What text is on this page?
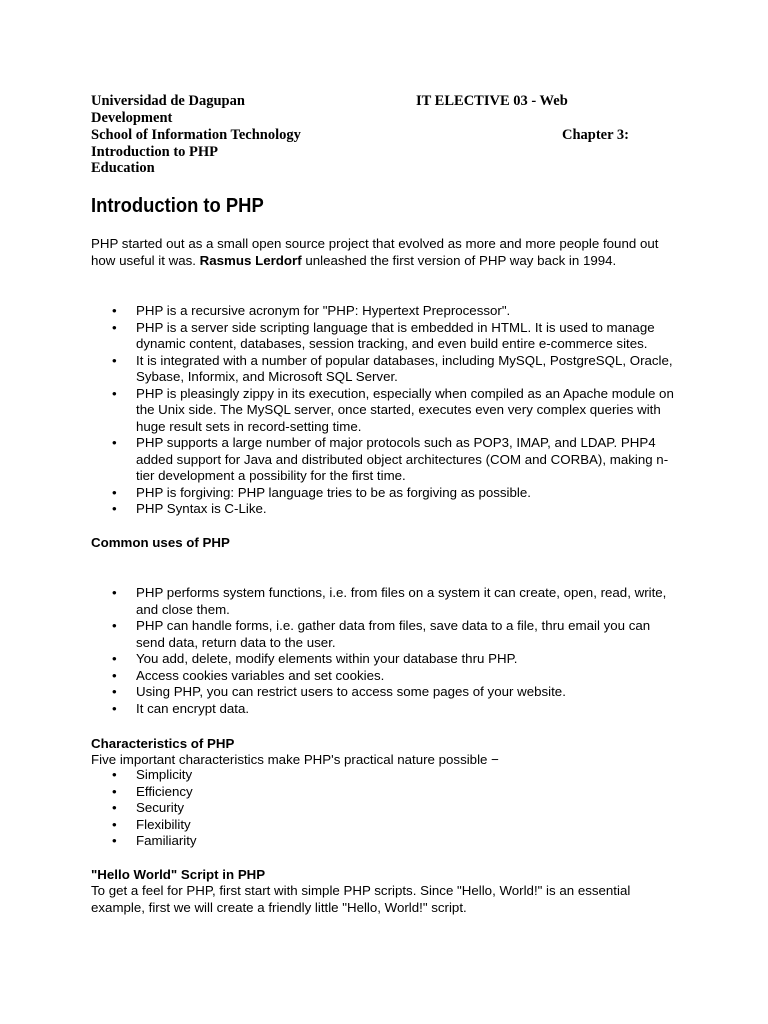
Universidad de Dagupan	IT ELECTIVE 03 - Web

Development

School of Information Technology	Chapter 3:

Introduction to PHP

Education

Introduction to PHP

PHP started out as a small open source project that evolved as more and more people found out how useful it was. Rasmus Lerdorf unleashed the first version of PHP way back in 1994.

• PHP is a recursive acronym for "PHP: Hypertext Preprocessor".
• PHP is a server side scripting language that is embedded in HTML. It is used to manage dynamic content, databases, session tracking, and even build entire e-commerce sites.
• It is integrated with a number of popular databases, including MySQL, PostgreSQL, Oracle, Sybase, Informix, and Microsoft SQL Server.
• PHP is pleasingly zippy in its execution, especially when compiled as an Apache module on the Unix side. The MySQL server, once started, executes even very complex queries with huge result sets in record-setting time.
• PHP supports a large number of major protocols such as POP3, IMAP, and LDAP. PHP4 added support for Java and distributed object architectures (COM and CORBA), making n-tier development a possibility for the first time.
• PHP is forgiving: PHP language tries to be as forgiving as possible.
• PHP Syntax is C-Like.

Common uses of PHP

• PHP performs system functions, i.e. from files on a system it can create, open, read, write, and close them.
• PHP can handle forms, i.e. gather data from files, save data to a file, thru email you can send data, return data to the user.
• You add, delete, modify elements within your database thru PHP.
• Access cookies variables and set cookies.
• Using PHP, you can restrict users to access some pages of your website.
• It can encrypt data.

Characteristics of PHP

Five important characteristics make PHP's practical nature possible −

• Simplicity
• Efficiency
• Security
• Flexibility
• Familiarity

"Hello World" Script in PHP

To get a feel for PHP, first start with simple PHP scripts. Since "Hello, World!" is an essential example, first we will create a friendly little "Hello, World!" script.
